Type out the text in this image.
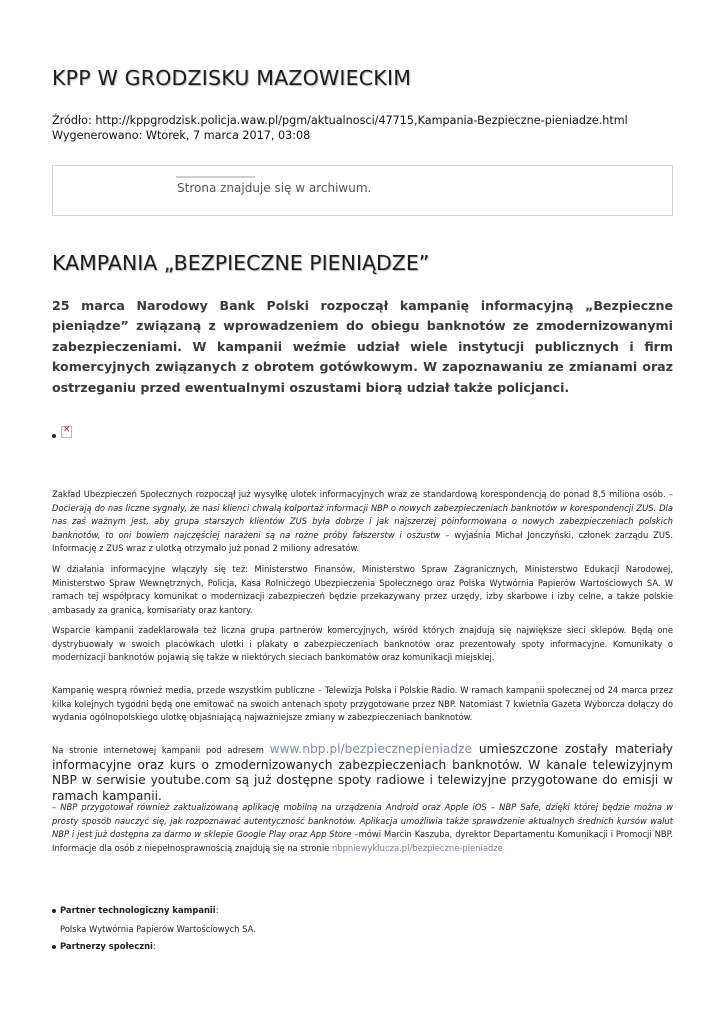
KPP W GRODZISKU MAZOWIECKIM
Źródło: http://kppgrodzisk.policja.waw.pl/pgm/aktualnosci/47715,Kampania-Bezpieczne-pieniadze.html
Wygenerowano: Wtorek, 7 marca 2017, 03:08
Strona znajduje się w archiwum.
KAMPANIA „BEZPIECZNE PIENIĄDZE”

25 marca Narodowy Bank Polski rozpoczął kampanię informacyjną „Bezpieczne pieniądze” związaną z wprowadzeniem do obiegu banknotów ze zmodernizowanymi zabezpieczeniami. W kampanii weźmie udział wiele instytucji publicznych i firm komercyjnych związanych z obrotem gotówkowym. W zapoznawaniu ze zmianami oraz ostrzeganiu przed ewentualnymi oszustami biorą udział także policjanci.

✕

Zakład Ubezpieczeń Społecznych rozpoczął już wysyłkę ulotek informacyjnych wraz ze standardową korespondencją do ponad 8,5 miliona osób. – Docierają do nas liczne sygnały, że nasi klienci chwalą kolportaż informacji NBP o nowych zabezpieczeniach banknotów w korespondencji ZUS. Dla nas zaś ważnym jest, aby grupa starszych klientów ZUS była dobrze i jak najszerzej poinformowana o nowych zabezpieczeniach polskich banknotów, to oni bowiem najczęściej narażeni są na rożne próby fałszerstw i oszustw – wyjaśnia Michał Jonczyński, członek zarządu ZUS. Informację z ZUS wraz z ulotką otrzymało już ponad 2 miliony adresatów.

W działania informacyjne włączyły się też: Ministerstwo Finansów, Ministerstwo Spraw Zagranicznych, Ministerstwo Edukacji Narodowej, Ministerstwo Spraw Wewnętrznych, Policja, Kasa Rolniczego Ubezpieczenia Społecznego oraz Polska Wytwórnia Papierów Wartościowych SA. W ramach tej współpracy komunikat o modernizacji zabezpieczeń będzie przekazywany przez urzędy, izby skarbowe i izby celne, a także polskie ambasady za granicą, komisariaty oraz kantory.

Wsparcie kampanii zadeklarowała też liczna grupa partnerów komercyjnych, wśród których znajdują się największe sieci sklepów. Będą one dystrybuowały w swoich placówkach ulotki i plakaty o zabezpieczeniach banknotów oraz prezentowały spoty informacyjne. Komunikaty o modernizacji banknotów pojawią się także w niektórych sieciach bankomatów oraz komunikacji miejskiej.

Kampanię wesprą również media, przede wszystkim publiczne – Telewizja Polska i Polskie Radio. W ramach kampanii społecznej od 24 marca przez kilka kolejnych tygodni będą one emitowač na swoich antenach spoty przygotowane przez NBP. Natomiast 7 kwietnia Gazeta Wyborcza dołączy do wydania ogólnopolskiego ulotkę objaśniającą najważniejsze zmiany w zabezpieczeniach banknotów.

Na stronie internetowej kampanii pod adresem www.nbp.pl/bezpiecznepieniadze umieszczone zostały materiały informacyjne oraz kurs o zmodernizowanych zabezpieczeniach banknotów. W kanale telewizyjnym NBP w serwisie youtube.com są już dostępne spoty radiowe i telewizyjne przygotowane do emisji w ramach kampanii.

– NBP przygotował również zaktualizowaną aplikację mobilną na urządzenia Android oraz Apple iOS – NBP Safe, dzięki której będzie można w prosty sposób nauczyć się, jak rozpoznawać autentyczność banknotów. Aplikacja umożliwia także sprawdzenie aktualnych średnich kursów walut NBP i jest już dostępna za darmo w sklepie Google Play oraz App Store –mówi Marcin Kaszuba, dyrektor Departamentu Komunikacji i Promocji NBP. Informacje dla osób z niepełnosprawnością znajdują się na stronie nbpniewyklucza.pl/bezpieczne-pieniadze

Partner technologiczny kampanii:
Polska Wytwórnia Papierów Wartościowych SA.
Partnerzy społeczni:
